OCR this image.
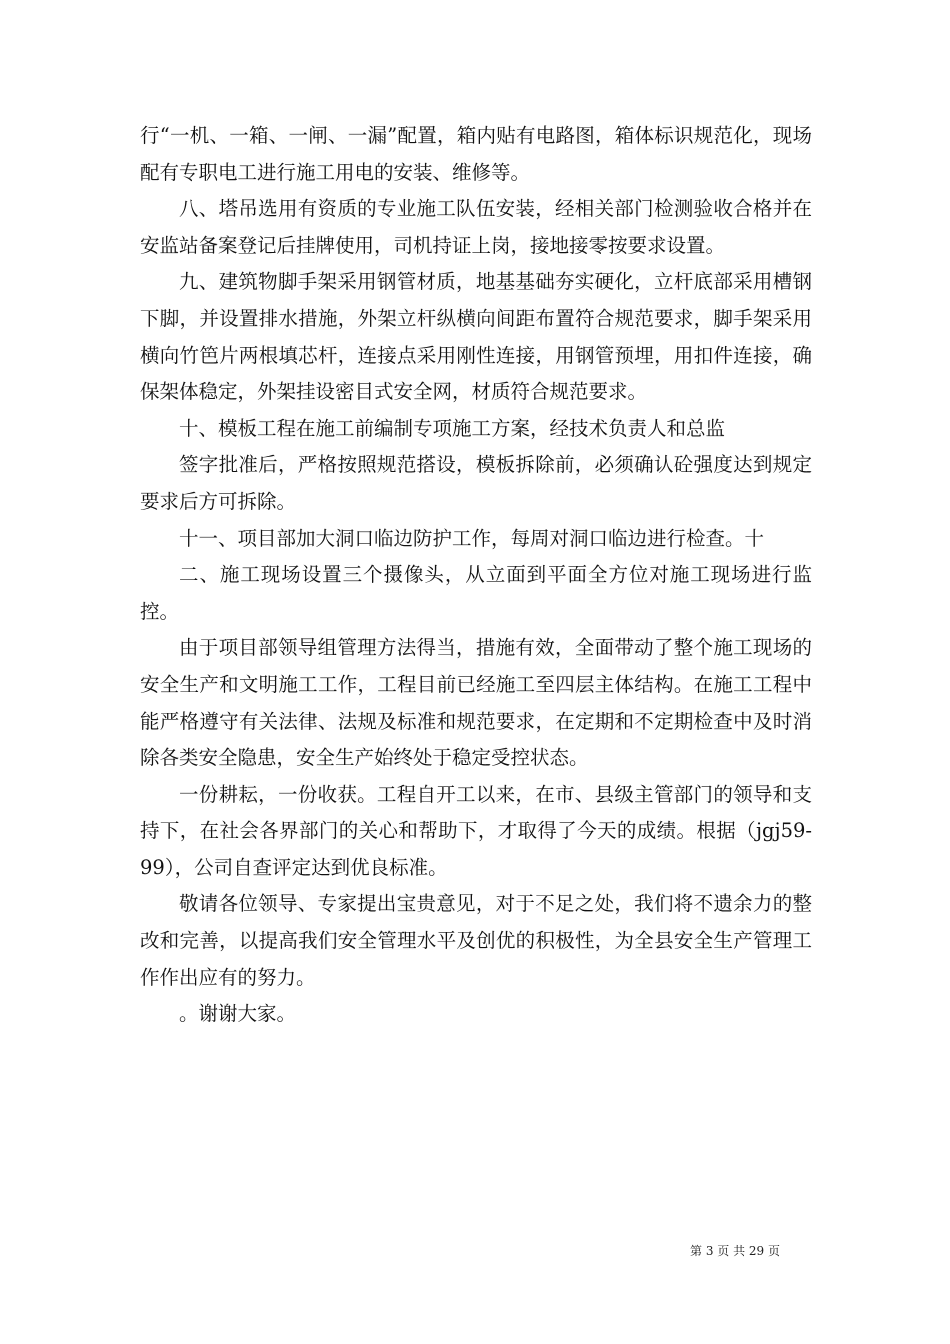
行“一机、一箱、一闸、一漏”配置，箱内贴有电路图，箱体标识规范化，现场配有专职电工进行施工用电的安装、维修等。

八、塔吊选用有资质的专业施工队伍安装，经相关部门检测验收合格并在安监站备案登记后挂牌使用，司机持证上岗，接地接零按要求设置。

九、建筑物脚手架采用钢管材质，地基基础夯实硬化，立杆底部采用槽钢下脚，并设置排水措施，外架立杆纵横向间距布置符合规范要求，脚手架采用横向竹笆片两根填芯杆，连接点采用刚性连接，用钢管预埋，用扣件连接，确保架体稳定，外架挂设密目式安全网，材质符合规范要求。

十、模板工程在施工前编制专项施工方案，经技术负责人和总监

签字批准后，严格按照规范搭设，模板拆除前，必须确认砼强度达到规定要求后方可拆除。

十一、项目部加大洞口临边防护工作，每周对洞口临边进行检查。十

二、施工现场设置三个摄像头，从立面到平面全方位对施工现场进行监控。

由于项目部领导组管理方法得当，措施有效，全面带动了整个施工现场的安全生产和文明施工工作，工程目前已经施工至四层主体结构。在施工工程中能严格遵守有关法律、法规及标准和规范要求，在定期和不定期检查中及时消除各类安全隐患，安全生产始终处于稳定受控状态。

一份耕耘，一份收获。工程自开工以来，在市、县级主管部门的领导和支持下，在社会各界部门的关心和帮助下，才取得了今天的成绩。根据（jgj59-99），公司自查评定达到优良标准。

敬请各位领导、专家提出宝贵意见，对于不足之处，我们将不遗余力的整改和完善，以提高我们安全管理水平及创优的积极性，为全县安全生产管理工作作出应有的努力。

。谢谢大家。

第 3 页 共 29 页
